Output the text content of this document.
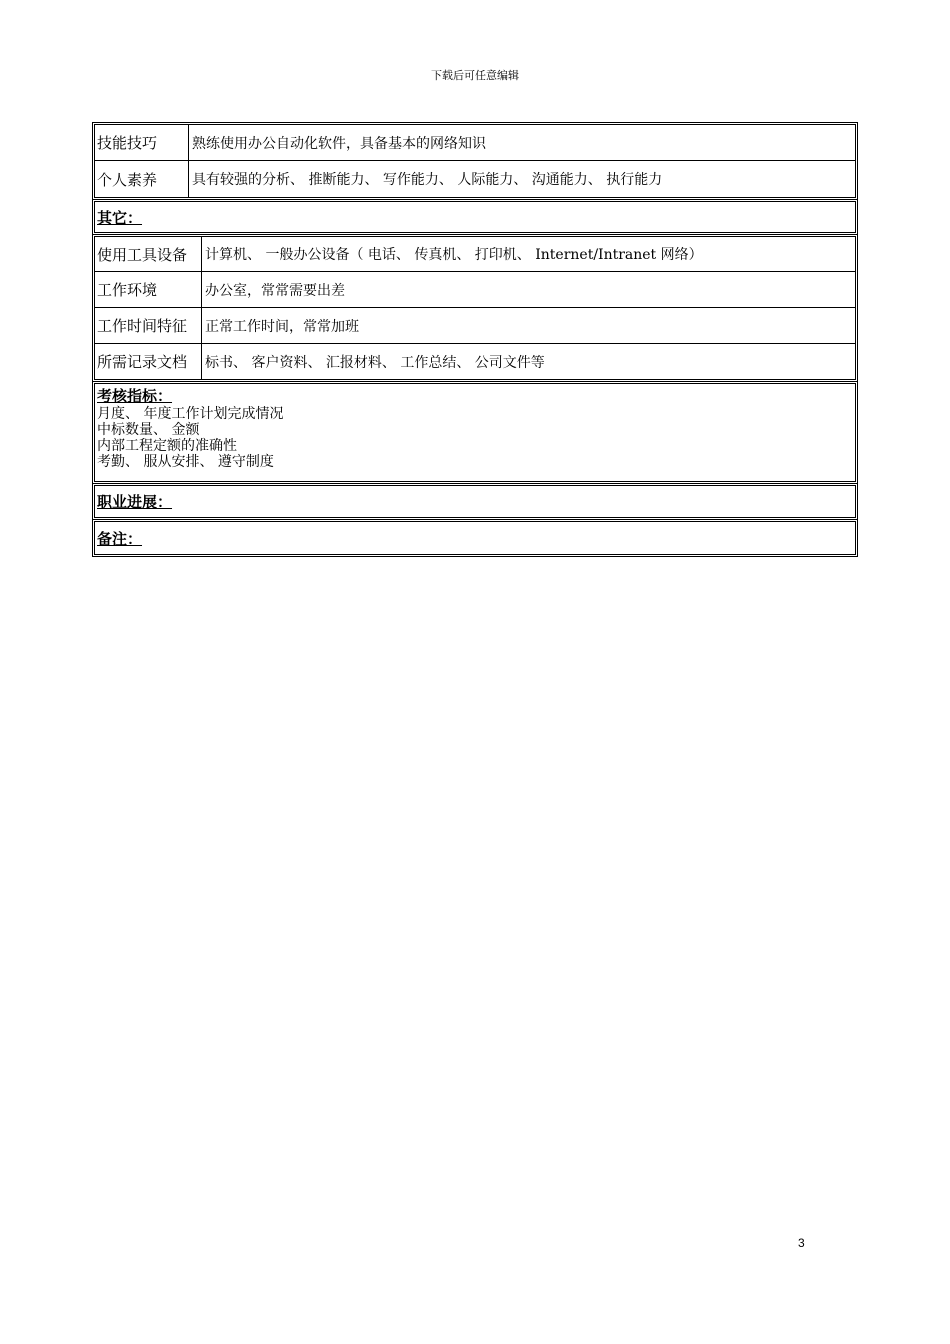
下载后可任意编辑
技能技巧	熟练使用办公自动化软件，具备基本的网络知识
个人素养	具有较强的分析、 推断能力、 写作能力、 人际能力、 沟通能力、 执行能力
其它：
使用工具设备	计算机、 一般办公设备（ 电话、 传真机、 打印机、 Internet/Intranet 网络）
工作环境	办公室，常常需要出差
工作时间特征	正常工作时间，常常加班
所需记录文档	标书、 客户资料、 汇报材料、 工作总结、 公司文件等
考核指标：
月度、 年度工作计划完成情况
中标数量、 金额
内部工程定额的准确性
考勤、 服从安排、 遵守制度
职业进展：
备注：
3
